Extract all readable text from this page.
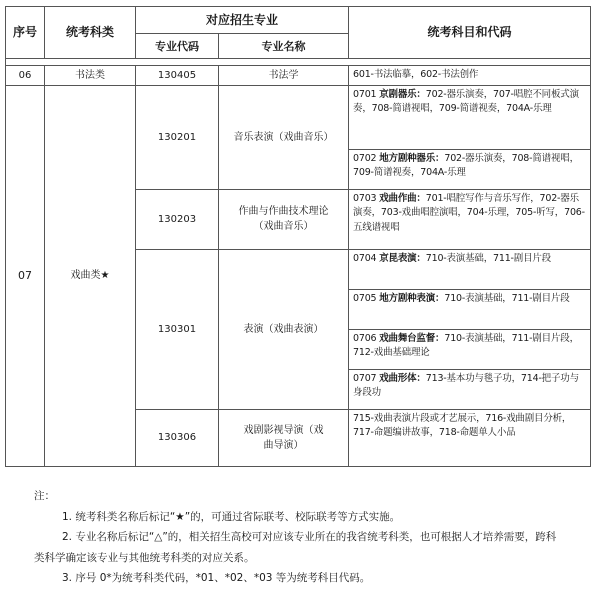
序号	统考科类	对应招生专业		统考科目和代码
		专业代码	专业名称	

06	书法类	130405	书法学	601-书法临摹，602-书法创作
07	戏曲类★	130201	音乐表演（戏曲音乐）	0701 京剧器乐：702-器乐演奏，707-唱腔不同板式演奏，708-简谱视唱，709-简谱视奏，704A-乐理
				0702 地方剧种器乐：702-器乐演奏，708-简谱视唱，709-简谱视奏，704A-乐理
		130203	作曲与作曲技术理论（戏曲音乐）	0703 戏曲作曲：701-唱腔写作与音乐写作，702-器乐演奏，703-戏曲唱腔演唱，704-乐理，705-听写，706-五线谱视唱
		130301	表演（戏曲表演）	0704 京昆表演：710-表演基础，711-剧目片段
				0705 地方剧种表演：710-表演基础，711-剧目片段
				0706 戏曲舞台监督：710-表演基础，711-剧目片段，712-戏曲基础理论
				0707 戏曲形体：713-基本功与毯子功，714-把子功与身段功
		130306	戏剧影视导演（戏曲导演）	715-戏曲表演片段或才艺展示，716-戏曲剧目分析，717-命题编讲故事，718-命题单人小品

注：

1. 统考科类名称后标记“★”的，可通过省际联考、校际联考等方式实施。

2. 专业名称后标记“△”的，相关招生高校可对应该专业所在的我省统考科类，也可根据人才培养需要，跨科类科学确定该专业与其他统考科类的对应关系。

3. 序号 0*为统考科类代码，*01、*02、*03 等为统考科目代码。
